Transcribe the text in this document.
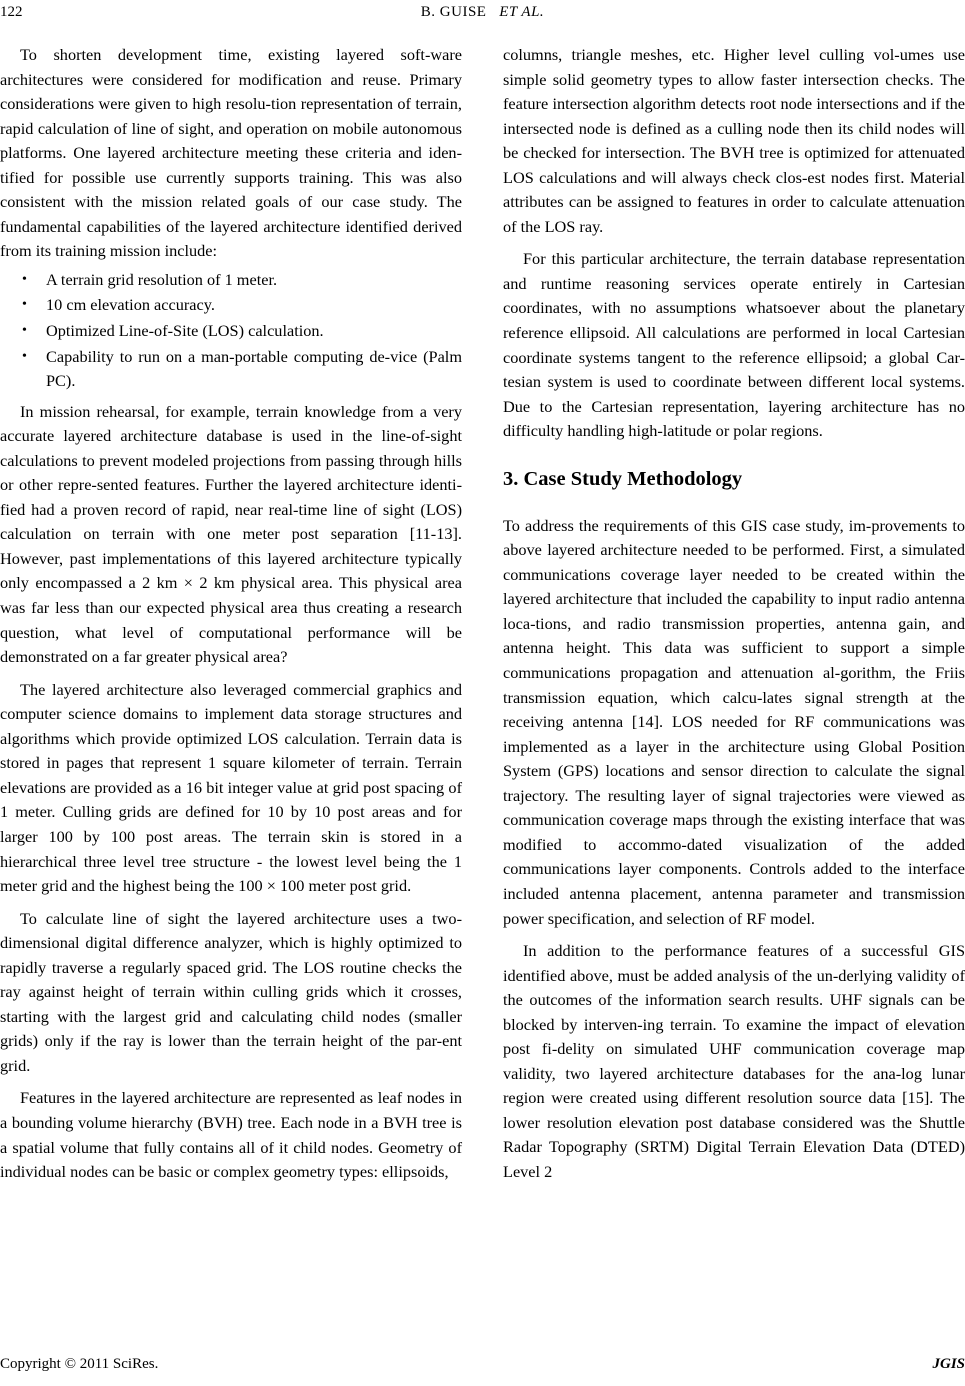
122	B. GUISE ET AL.

To shorten development time, existing layered soft-ware architectures were considered for modification and reuse. Primary considerations were given to high resolu-tion representation of terrain, rapid calculation of line of sight, and operation on mobile autonomous platforms. One layered architecture meeting these criteria and iden-tified for possible use currently supports training. This was also consistent with the mission related goals of our case study. The fundamental capabilities of the layered architecture identified derived from its training mission include:

• A terrain grid resolution of 1 meter.
• 10 cm elevation accuracy.
• Optimized Line-of-Site (LOS) calculation.
• Capability to run on a man-portable computing de-vice (Palm PC).

In mission rehearsal, for example, terrain knowledge from a very accurate layered architecture database is used in the line-of-sight calculations to prevent modeled projections from passing through hills or other repre-sented features. Further the layered architecture identi-fied had a proven record of rapid, near real-time line of sight (LOS) calculation on terrain with one meter post separation [11-13]. However, past implementations of this layered architecture typically only encompassed a 2 km × 2 km physical area. This physical area was far less than our expected physical area thus creating a research question, what level of computational performance will be demonstrated on a far greater physical area?

The layered architecture also leveraged commercial graphics and computer science domains to implement data storage structures and algorithms which provide optimized LOS calculation. Terrain data is stored in pages that represent 1 square kilometer of terrain. Terrain elevations are provided as a 16 bit integer value at grid post spacing of 1 meter. Culling grids are defined for 10 by 10 post areas and for larger 100 by 100 post areas. The terrain skin is stored in a hierarchical three level tree structure - the lowest level being the 1 meter grid and the highest being the 100 × 100 meter post grid.

To calculate line of sight the layered architecture uses a two-dimensional digital difference analyzer, which is highly optimized to rapidly traverse a regularly spaced grid. The LOS routine checks the ray against height of terrain within culling grids which it crosses, starting with the largest grid and calculating child nodes (smaller grids) only if the ray is lower than the terrain height of the par-ent grid.

Features in the layered architecture are represented as leaf nodes in a bounding volume hierarchy (BVH) tree. Each node in a BVH tree is a spatial volume that fully contains all of it child nodes. Geometry of individual nodes can be basic or complex geometry types: ellipsoids,

columns, triangle meshes, etc. Higher level culling vol-umes use simple solid geometry types to allow faster intersection checks. The feature intersection algorithm detects root node intersections and if the intersected node is defined as a culling node then its child nodes will be checked for intersection. The BVH tree is optimized for attenuated LOS calculations and will always check clos-est nodes first. Material attributes can be assigned to features in order to calculate attenuation of the LOS ray.

For this particular architecture, the terrain database representation and runtime reasoning services operate entirely in Cartesian coordinates, with no assumptions whatsoever about the planetary reference ellipsoid. All calculations are performed in local Cartesian coordinate systems tangent to the reference ellipsoid; a global Car-tesian system is used to coordinate between different local systems. Due to the Cartesian representation, layering architecture has no difficulty handling high-latitude or polar regions.

3. Case Study Methodology

To address the requirements of this GIS case study, im-provements to above layered architecture needed to be performed. First, a simulated communications coverage layer needed to be created within the layered architecture that included the capability to input radio antenna loca-tions, and radio transmission properties, antenna gain, and antenna height. This data was sufficient to support a simple communications propagation and attenuation al-gorithm, the Friis transmission equation, which calcu-lates signal strength at the receiving antenna [14]. LOS needed for RF communications was implemented as a layer in the architecture using Global Position System (GPS) locations and sensor direction to calculate the signal trajectory. The resulting layer of signal trajectories were viewed as communication coverage maps through the existing interface that was modified to accommo-dated visualization of the added communications layer components. Controls added to the interface included antenna placement, antenna parameter and transmission power specification, and selection of RF model.

In addition to the performance features of a successful GIS identified above, must be added analysis of the un-derlying validity of the outcomes of the information search results. UHF signals can be blocked by interven-ing terrain. To examine the impact of elevation post fi-delity on simulated UHF communication coverage map validity, two layered architecture databases for the ana-log lunar region were created using different resolution source data [15]. The lower resolution elevation post database considered was the Shuttle Radar Topography (SRTM) Digital Terrain Elevation Data (DTED) Level 2

Copyright © 2011 SciRes.	JGIS
